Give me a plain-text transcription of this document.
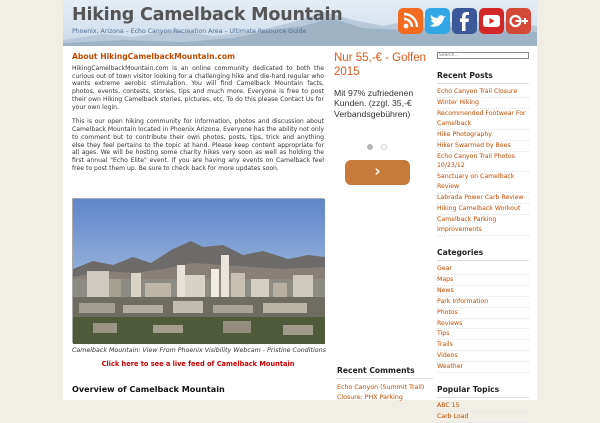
Hiking Camelback Mountain
Phoenix, Arizona – Echo Canyon Recreation Area – Ultimate Resource Guide
About HikingCamelbackMountain.com

HikingCamelbackMountain.com is an online community dedicated to both the curious out of town visitor looking for a challenging hike and die-hard regular who wants extreme aerobic stimulation. You will find Camelback Mountain facts, photos, events, contests, stories, tips and much more. Everyone is free to post their own Hiking Camelback stories, pictures, etc. To do this please Contact Us for your own login.

This is our open hiking community for information, photos and discussion about Camelback Mountain located in Phoenix Arizona. Everyone has the ability not only to comment but to contribute their own photos, posts, tips, trick and anything else they feel pertains to the topic at hand. Please keep content appropriate for all ages. We will be hosting some charity hikes very soon as well as holding the first annual "Echo Elite" event. If you are having any events on Camelback feel free to post them up. Be sure to check back for more updates soon.

Camelback Mountain: View From Phoenix Visibility Webcam - Pristine Conditions
Click here to see a live feed of Camelback Mountain
Overview of Camelback Mountain
Nur 55,-€ - Golfen 2015
Mit 97% zufriedenen Kunden. (zzgl. 35,-€ Verbandsgebühren)
›
Recent Comments
Echo Canyon (Summit Trail)
Closure: PHX Parking
Search...
Recent Posts
Echo Canyon Trail Closure
Winter Hiking
Recommended Footwear For Camelback
Hike Photography
Hiker Swarmed by Bees
Echo Canyon Trail Photos 10/23/12
Sanctuary on Camelback Review
Labrada Power Carb Review
Hiking Camelback Workout
Camelback Parking Improvements
Categories
Gear
Maps
News
Park Information
Photos
Reviews
Tips
Trails
Videos
Weather
Popular Topics
ABC 15
Carb Load
